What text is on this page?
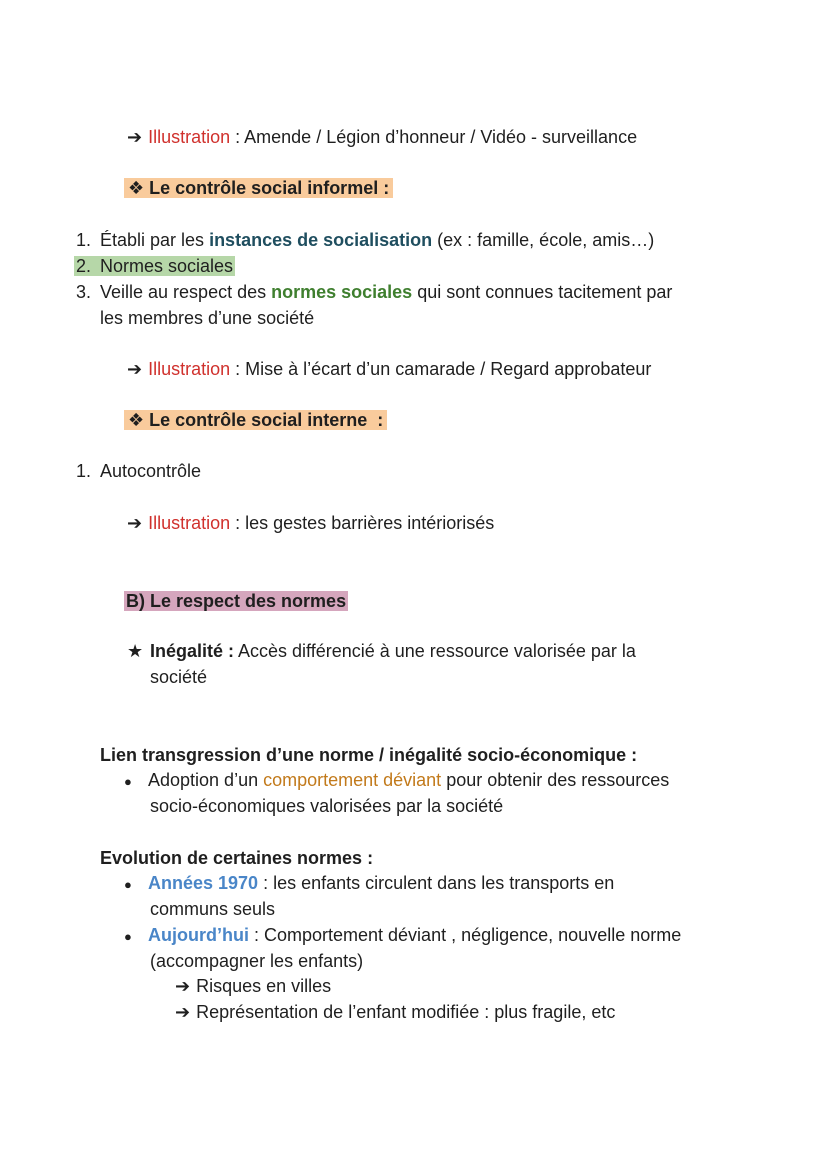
➔ Illustration : Amende / Légion d’honneur / Vidéo - surveillance
❖ Le contrôle social informel :
1. Établi par les instances de socialisation (ex : famille, école, amis…)
2. Normes sociales
3. Veille au respect des normes sociales qui sont connues tacitement par
les membres d’une société
➔ Illustration : Mise à l’écart d’un camarade / Regard approbateur
❖ Le contrôle social interne  :
1. Autocontrôle
➔ Illustration : les gestes barrières intériorisés
B) Le respect des normes
★ Inégalité : Accès différencié à une ressource valorisée par la
société
Lien transgression d’une norme / inégalité socio-économique :
● Adoption d’un comportement déviant pour obtenir des ressources
socio-économiques valorisées par la société
Evolution de certaines normes :
● Années 1970 : les enfants circulent dans les transports en
communs seuls
● Aujourd’hui : Comportement déviant , négligence, nouvelle norme
(accompagner les enfants)
➔ Risques en villes
➔ Représentation de l’enfant modifiée : plus fragile, etc
